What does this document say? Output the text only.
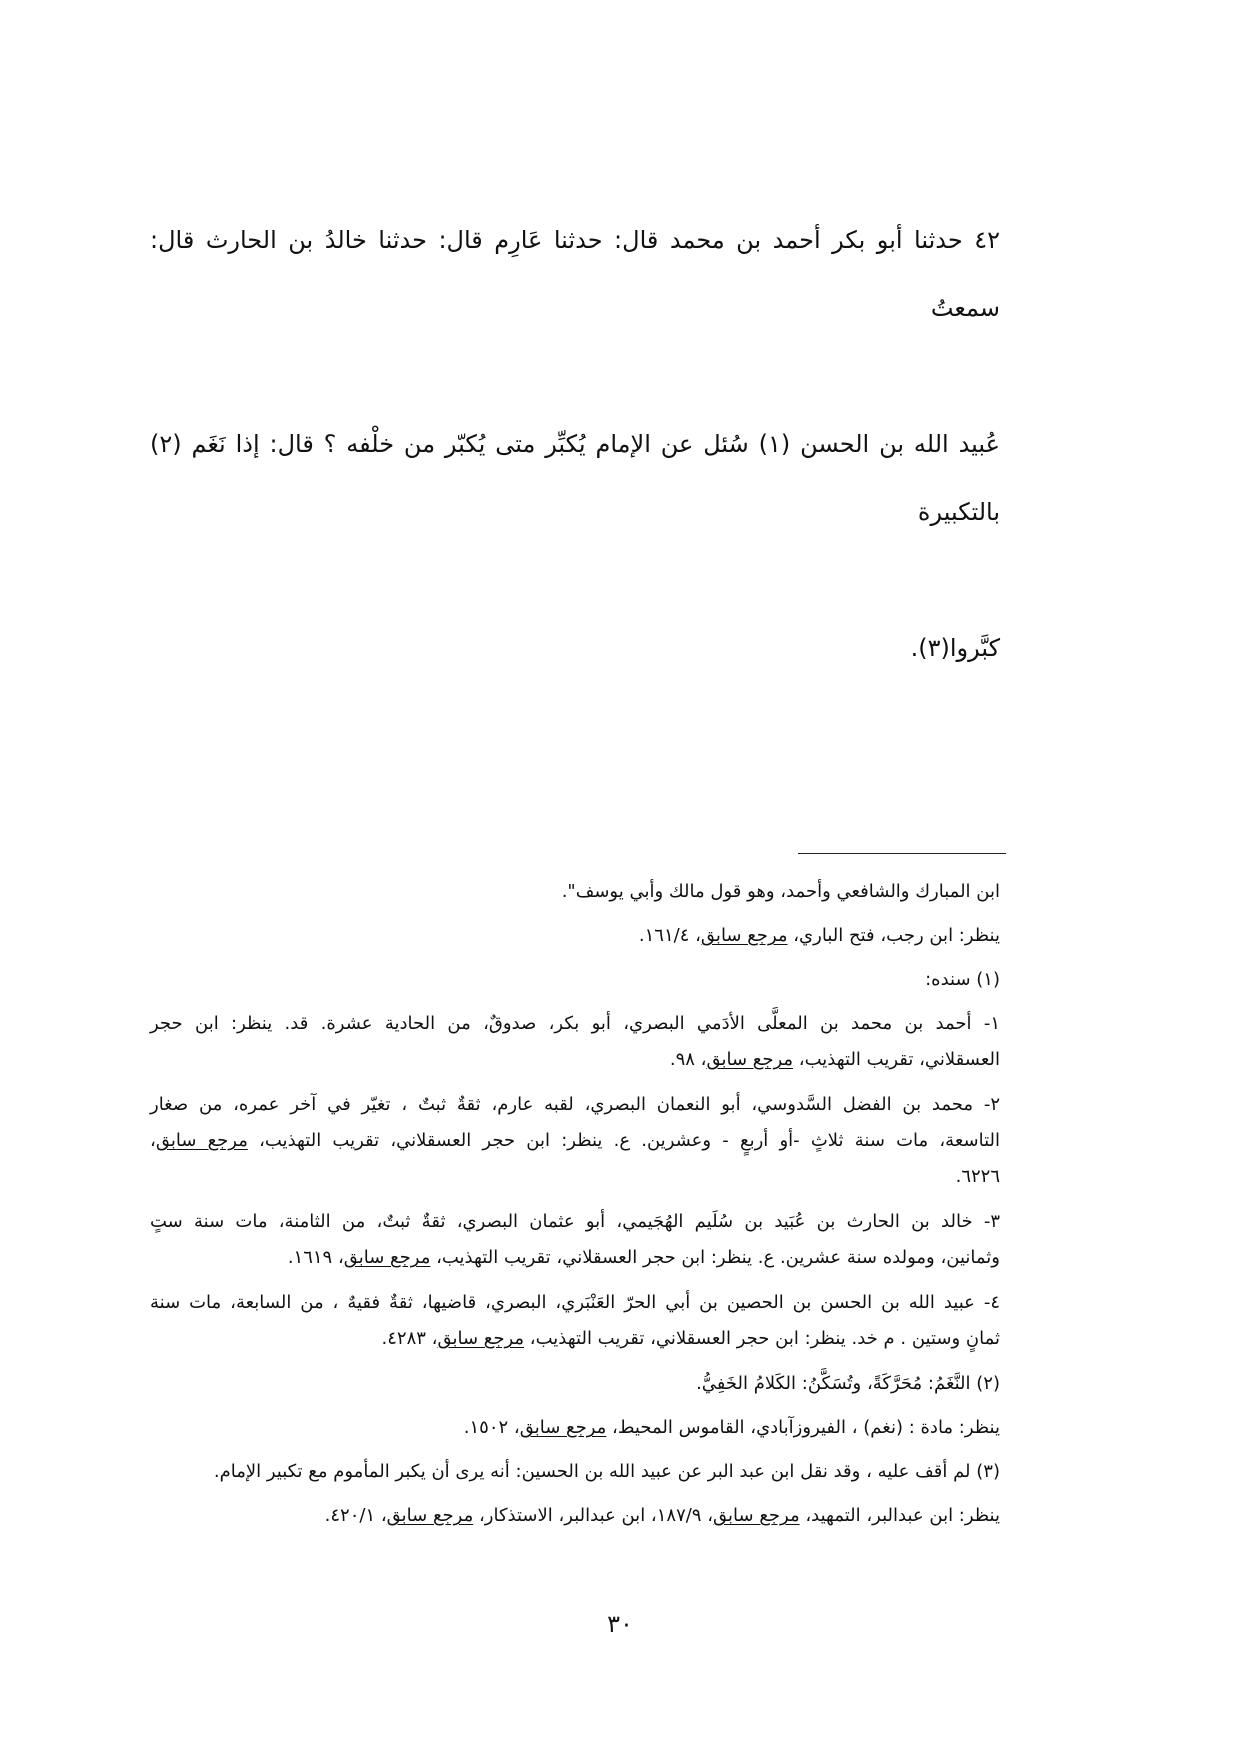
٤٢ حدثنا أبو بكر أحمد بن محمد قال: حدثنا عَارِم قال: حدثنا خالدُ بن الحارث قال: سمعتُ

عُبيد الله بن الحسن (١) سُئل عن الإمام يُكبِّر متى يُكبّر من خلْفه ؟ قال: إذا نَغَم (٢) بالتكبيرة

كبَّروا(٣).

ابن المبارك والشافعي وأحمد، وهو قول مالك وأبي يوسف".

ينظر: ابن رجب، فتح الباري، مرجع سابق، ١٦١/٤.

(١) سنده:

١- أحمد بن محمد بن المعلَّى الأدَمي البصري، أبو بكر، صدوقٌ، من الحادية عشرة. قد. ينظر: ابن حجر
العسقلاني، تقريب التهذيب، مرجع سابق، ٩٨.
٢- محمد بن الفضل السَّدوسي، أبو النعمان البصري، لقبه عارم، ثقةٌ ثبتٌ ، تغيّر في آخر عمره، من صغار
التاسعة، مات سنة ثلاثٍ -أو أربعٍ - وعشرين. ع. ينظر: ابن حجر العسقلاني، تقريب التهذيب، مرجع سابق،
٦٢٢٦.
٣- خالد بن الحارث بن عُبَيد بن سُلَيم الهُجَيمي، أبو عثمان البصري، ثقةٌ ثبتٌ، من الثامنة، مات سنة ستٍ
وثمانين، ومولده سنة عشرين. ع. ينظر: ابن حجر العسقلاني، تقريب التهذيب، مرجع سابق، ١٦١٩.
٤- عبيد الله بن الحسن بن الحصين بن أبي الحرّ العَنْبَري، البصري، قاضيها، ثقةٌ فقيهٌ ، من السابعة، مات سنة
ثمانٍ وستين . م خد. ينظر: ابن حجر العسقلاني، تقريب التهذيب، مرجع سابق، ٤٢٨٣.

(٢) النَّغَمُ: مُحَرَّكَةً، وتُسَكَّنُ: الكَلامُ الخَفِيُّ.

ينظر: مادة : (نغم) ، الفيروزآبادي، القاموس المحيط، مرجع سابق، ١٥٠٢.

(٣) لم أقف عليه ، وقد نقل ابن عبد البر عن عبيد الله بن الحسين: أنه يرى أن يكبر المأموم مع تكبير الإمام.

ينظر: ابن عبدالبر، التمهيد، مرجع سابق، ١٨٧/٩، ابن عبدالبر، الاستذكار، مرجع سابق، ٤٢٠/١.

٣٠
